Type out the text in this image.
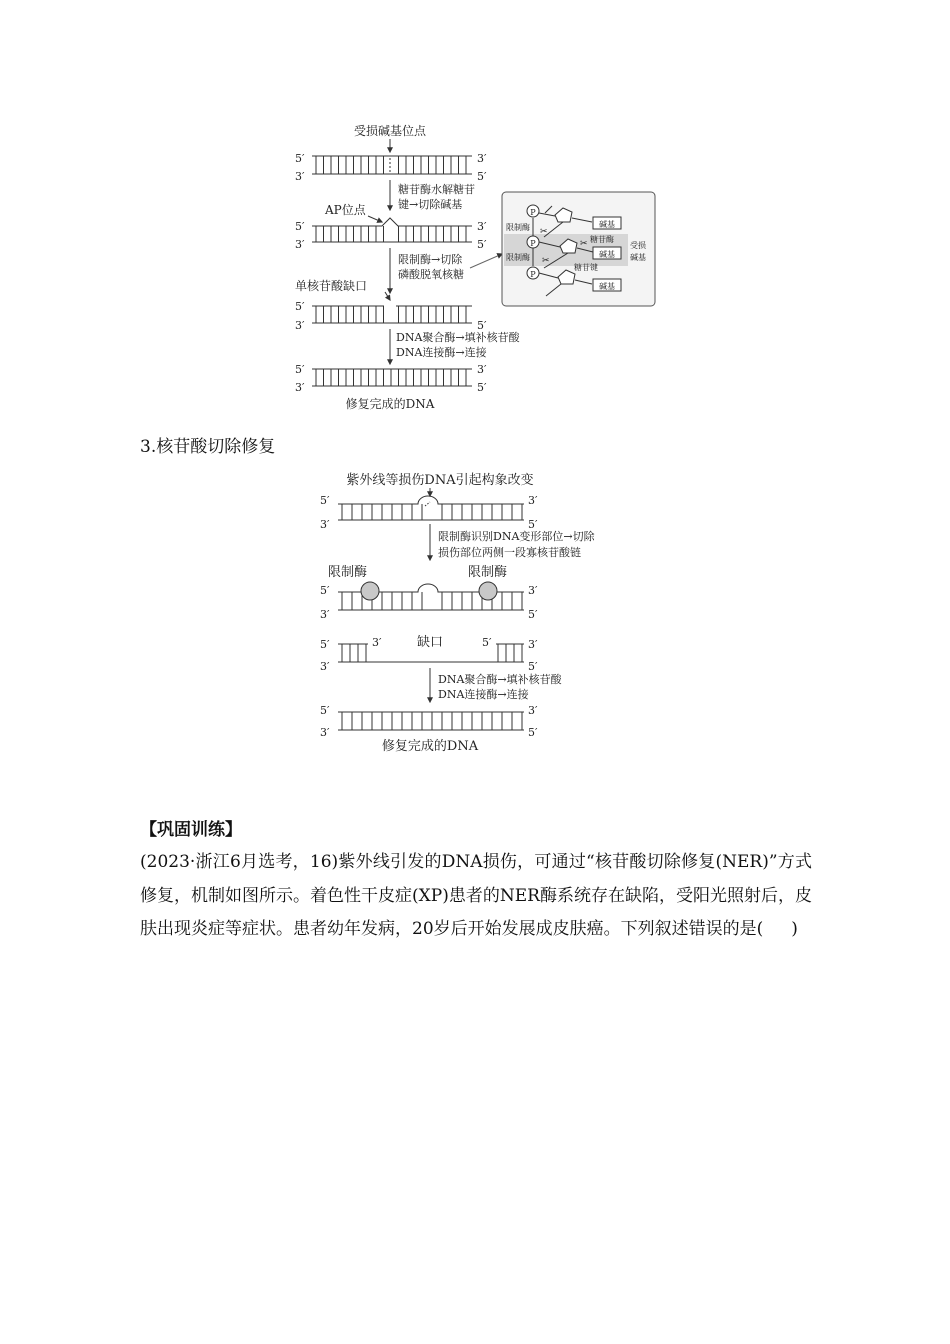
受损碱基位点
5′	3′
3′	5′
糖苷酶水解糖苷
键→切除碱基
AP位点
5′	3′
3′	5′
限制酶→切除
磷酸脱氧核糖
单核苷酸缺口
5′
3′	5′
DNA聚合酶→填补核苷酸
DNA连接酶→连接
5′	3′
3′	5′
修复完成的DNA
P
P
P
碱基
碱基
碱基
限制酶
限制酶
✂
✂
✂ 糖苷酶
糖苷键
受损
碱基
3.核苷酸切除修复
紫外线等损伤DNA引起构象改变
5′	3′
3′	5′
限制酶识别DNA变形部位→切除
损伤部位两侧一段寡核苷酸链
限制酶	限制酶
5′	3′
3′	5′
5′	3′	缺口	5′	3′
3′	5′
DNA聚合酶→填补核苷酸
DNA连接酶→连接
5′	3′
3′	5′
修复完成的DNA
【巩固训练】
(2023·浙江6月选考，16)紫外线引发的DNA损伤，可通过“核苷酸切除修复(NER)”方式修复，机制如图所示。着色性干皮症(XP)患者的NER酶系统存在缺陷，受阳光照射后，皮肤出现炎症等症状。患者幼年发病，20岁后开始发展成皮肤癌。下列叙述错误的是( )
